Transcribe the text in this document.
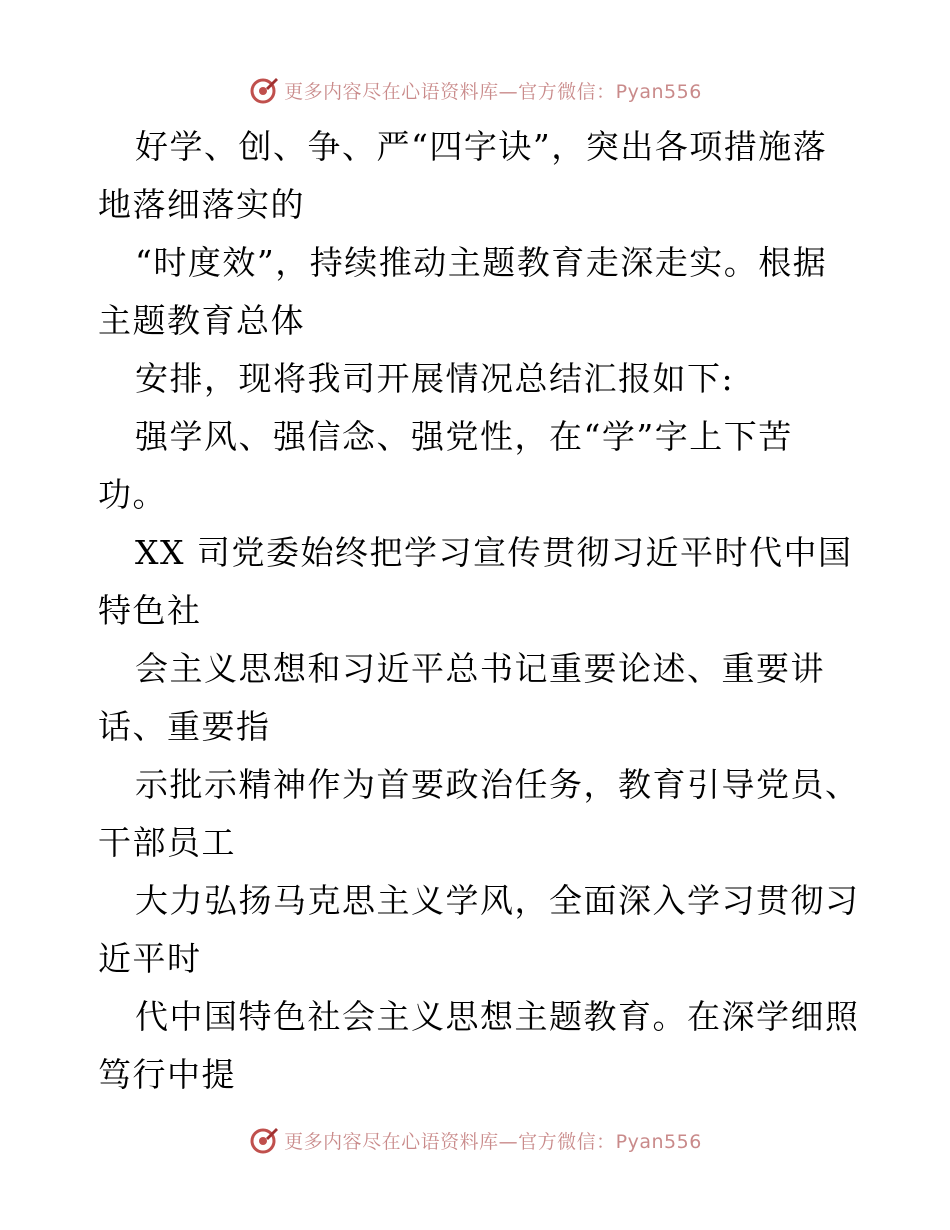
更多内容尽在心语资料库—官方微信：Pyan556
好学、创、争、严“四字诀”，突出各项措施落
地落细落实的
“时度效”，持续推动主题教育走深走实。根据
主题教育总体
安排，现将我司开展情况总结汇报如下:
强学风、强信念、强党性，在“学”字上下苦
功。
XX 司党委始终把学习宣传贯彻习近平时代中国
特色社
会主义思想和习近平总书记重要论述、重要讲
话、重要指
示批示精神作为首要政治任务，教育引导党员、
干部员工
大力弘扬马克思主义学风，全面深入学习贯彻习
近平时
代中国特色社会主义思想主题教育。在深学细照
笃行中提
更多内容尽在心语资料库—官方微信：Pyan556
